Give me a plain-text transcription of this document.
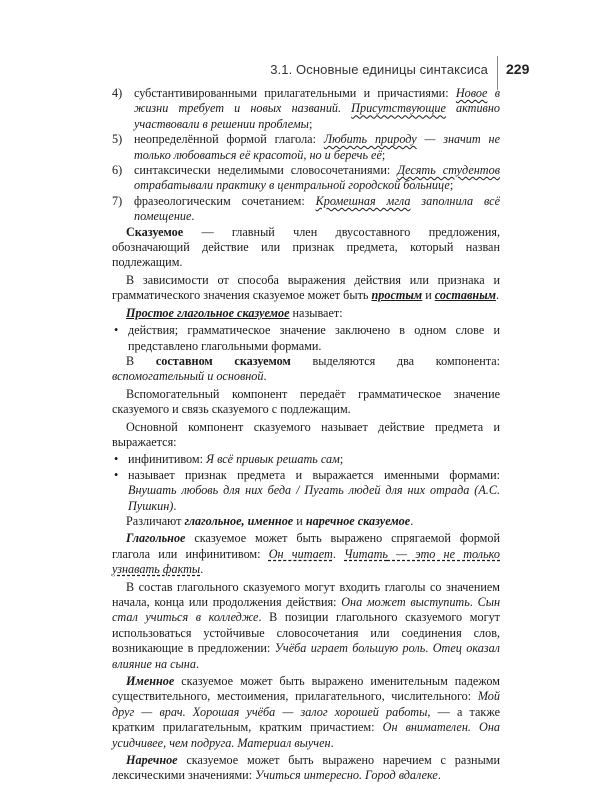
3.1. Основные единицы синтаксиса 229
4) субстантивированными прилагательными и причастиями: Новое в жизни требует и новых названий. Присутствующие активно участвовали в решении проблемы;
5) неопределённой формой глагола: Любить природу — значит не только любоваться её красотой, но и беречь её;
6) синтаксически неделимыми словосочетаниями: Десять студентов отрабатывали практику в центральной городской больнице;
7) фразеологическим сочетанием: Кромешная мгла заполнила всё помещение.

Сказуемое — главный член двусоставного предложения, обозначающий действие или признак предмета, который назван подлежащим.

В зависимости от способа выражения действия или признака и грамматического значения сказуемое может быть простым и составным.

Простое глагольное сказуемое называет:

• действия; грамматическое значение заключено в одном слове и представлено глагольными формами.

В составном сказуемом выделяются два компонента: вспомогательный и основной.

Вспомогательный компонент передаёт грамматическое значение сказуемого и связь сказуемого с подлежащим.

Основной компонент сказуемого называет действие предмета и выражается:

• инфинитивом: Я всё привык решать сам;
• называет признак предмета и выражается именными формами: Внушать любовь для них беда / Пугать людей для них отрада (А.С. Пушкин).

Различают глагольное, именное и наречное сказуемое.

Глагольное сказуемое может быть выражено спрягаемой формой глагола или инфинитивом: Он читает. Читать — это не только узнавать факты.

В состав глагольного сказуемого могут входить глаголы со значением начала, конца или продолжения действия: Она может выступить. Сын стал учиться в колледже. В позиции глагольного сказуемого могут использоваться устойчивые словосочетания или соединения слов, возникающие в предложении: Учёба играет большую роль. Отец оказал влияние на сына.

Именное сказуемое может быть выражено именительным падежом существительного, местоимения, прилагательного, числительного: Мой друг — врач. Хорошая учёба — залог хорошей работы, — а также кратким прилагательным, кратким причастием: Он внимателен. Она усидчивее, чем подруга. Материал выучен.

Наречное сказуемое может быть выражено наречием с разными лексическими значениями: Учиться интересно. Город вдалеке.
